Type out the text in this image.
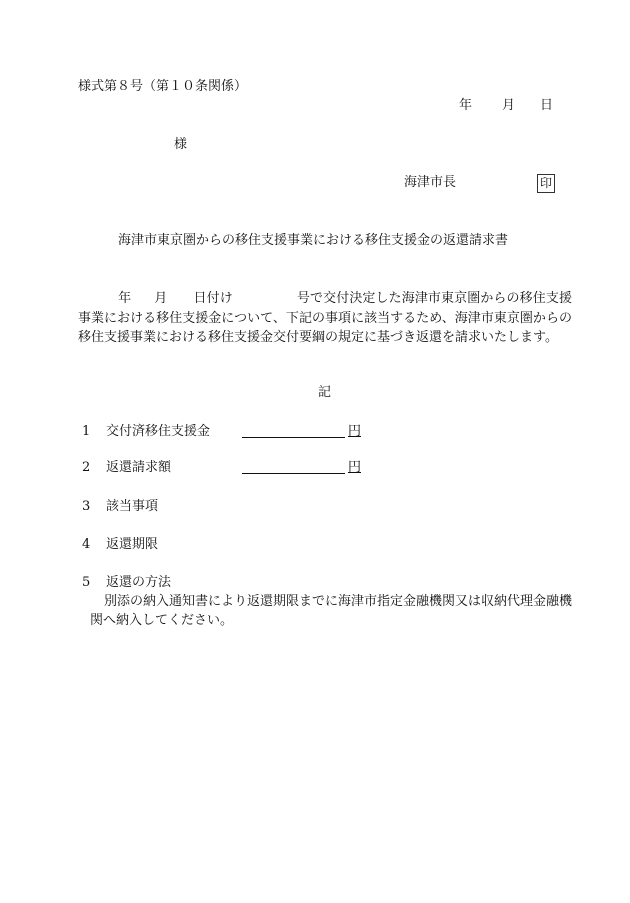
様式第８号（第１０条関係）
年 月 日
様
海津市長	印
海津市東京圏からの移住支援事業における移住支援金の返還請求書
年 月 日付け	号で交付決定した海津市東京圏からの移住支援事業における移住支援金について、下記の事項に該当するため、海津市東京圏からの移住支援事業における移住支援金交付要綱の規定に基づき返還を請求いたします。
記
1 交付済移住支援金	円
2 返還請求額	円
3 該当事項
4 返還期限
5 返還の方法
別添の納入通知書により返還期限までに海津市指定金融機関又は収納代理金融機関へ納入してください。
